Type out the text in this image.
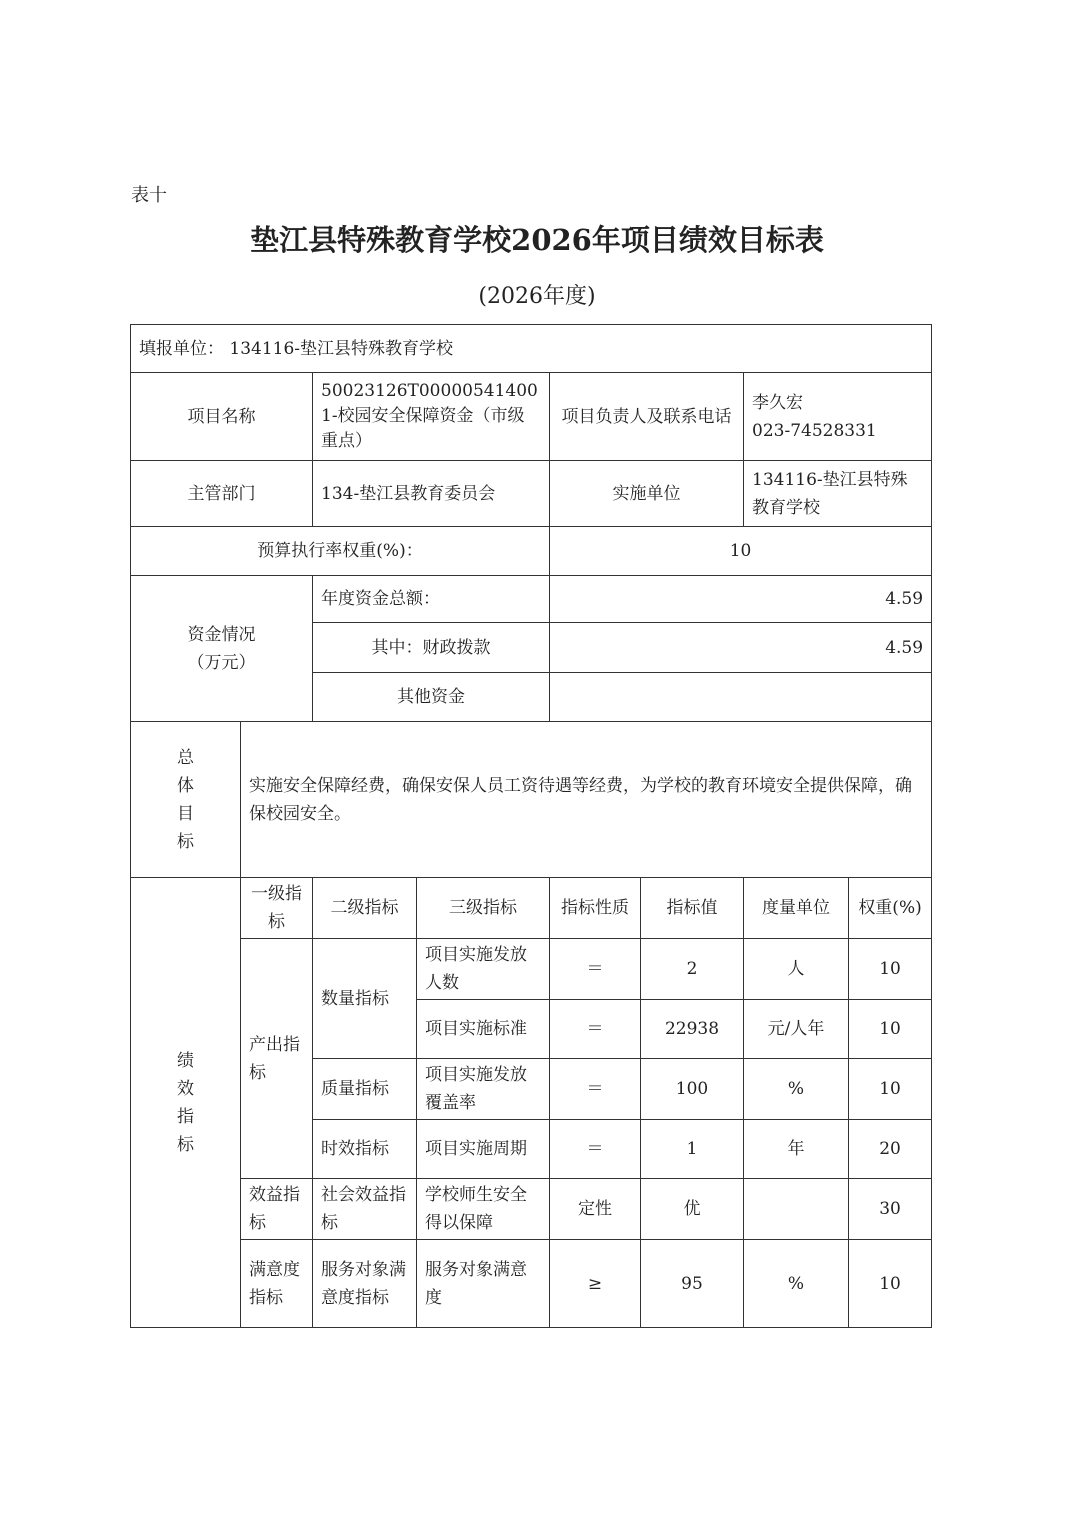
表十
垫江县特殊教育学校2026年项目绩效目标表
(2026年度)
填报单位： 134116-垫江县特殊教育学校							
项目名称		50023126T000005414001-校园安全保障资金（市级重点）		项目负责人及联系电话		李久宏
023-74528331	

主管部门		134-垫江县教育委员会		实施单位		134116-垫江县特殊教育学校	
预算执行率权重(%)：				10			

资金情况
（万元）		年度资金总额：		4.59			
		其中：财政拨款		4.59			
		其他资金					

总
体
目
标	实施安全保障经费，确保安保人员工资待遇等经费，为学校的教育环境安全提供保障，确保校园安全。						

绩
效
指
标	一级指标	二级指标	三级指标	指标性质	指标值	度量单位	权重(%)
	产出指标	数量指标	项目实施发放人数	＝	2	人	10
			项目实施标准	＝	22938	元/人年	10
		质量指标	项目实施发放覆盖率	＝	100	%	10
		时效指标	项目实施周期	＝	1	年	20
	效益指标	社会效益指标	学校师生安全得以保障	定性	优		30
	满意度指标	服务对象满意度指标	服务对象满意度	≥	95	%	10
